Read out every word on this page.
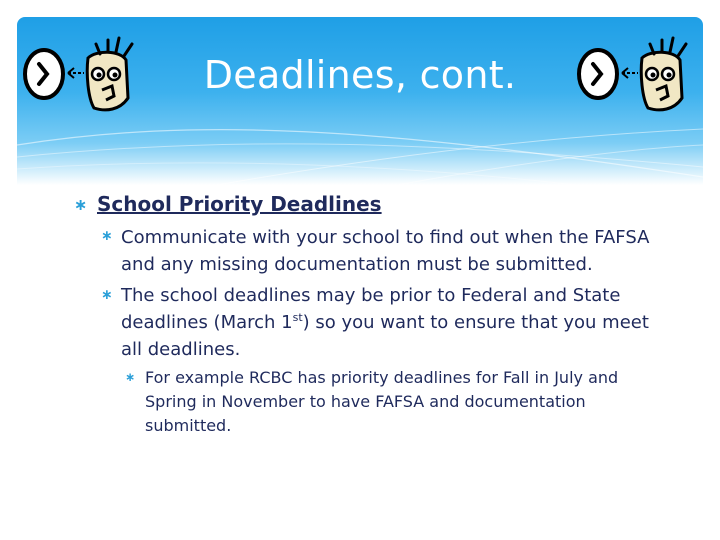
Deadlines, cont.
∗ School Priority Deadlines
∗ Communicate with your school to find out when the FAFSA and any missing documentation must be submitted.
∗ The school deadlines may be prior to Federal and State deadlines (March 1st) so you want to ensure that you meet all deadlines.
∗ For example RCBC has priority deadlines for Fall in July and Spring in November to have FAFSA and documentation submitted.
